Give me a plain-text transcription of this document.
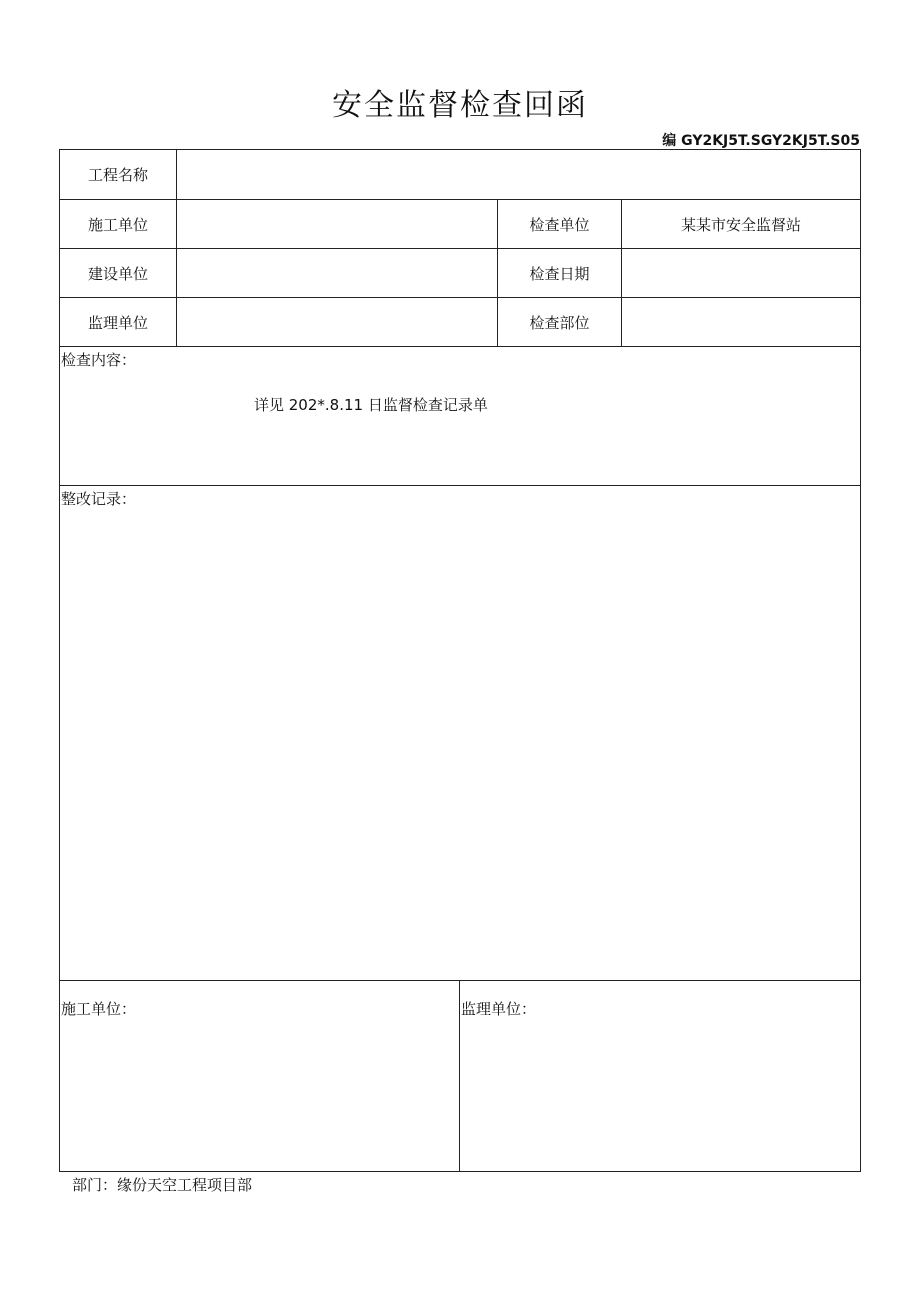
安全监督检查回函
编 GY2KJ5T.SGY2KJ5T.S05
工程名称
施工单位	检查单位	某某市安全监督站
建设单位	检查日期
监理单位	检查部位
检查内容：
详见 202*.8.11 日监督检查记录单
整改记录：
施工单位：	监理单位：
部门：缘份天空工程项目部
